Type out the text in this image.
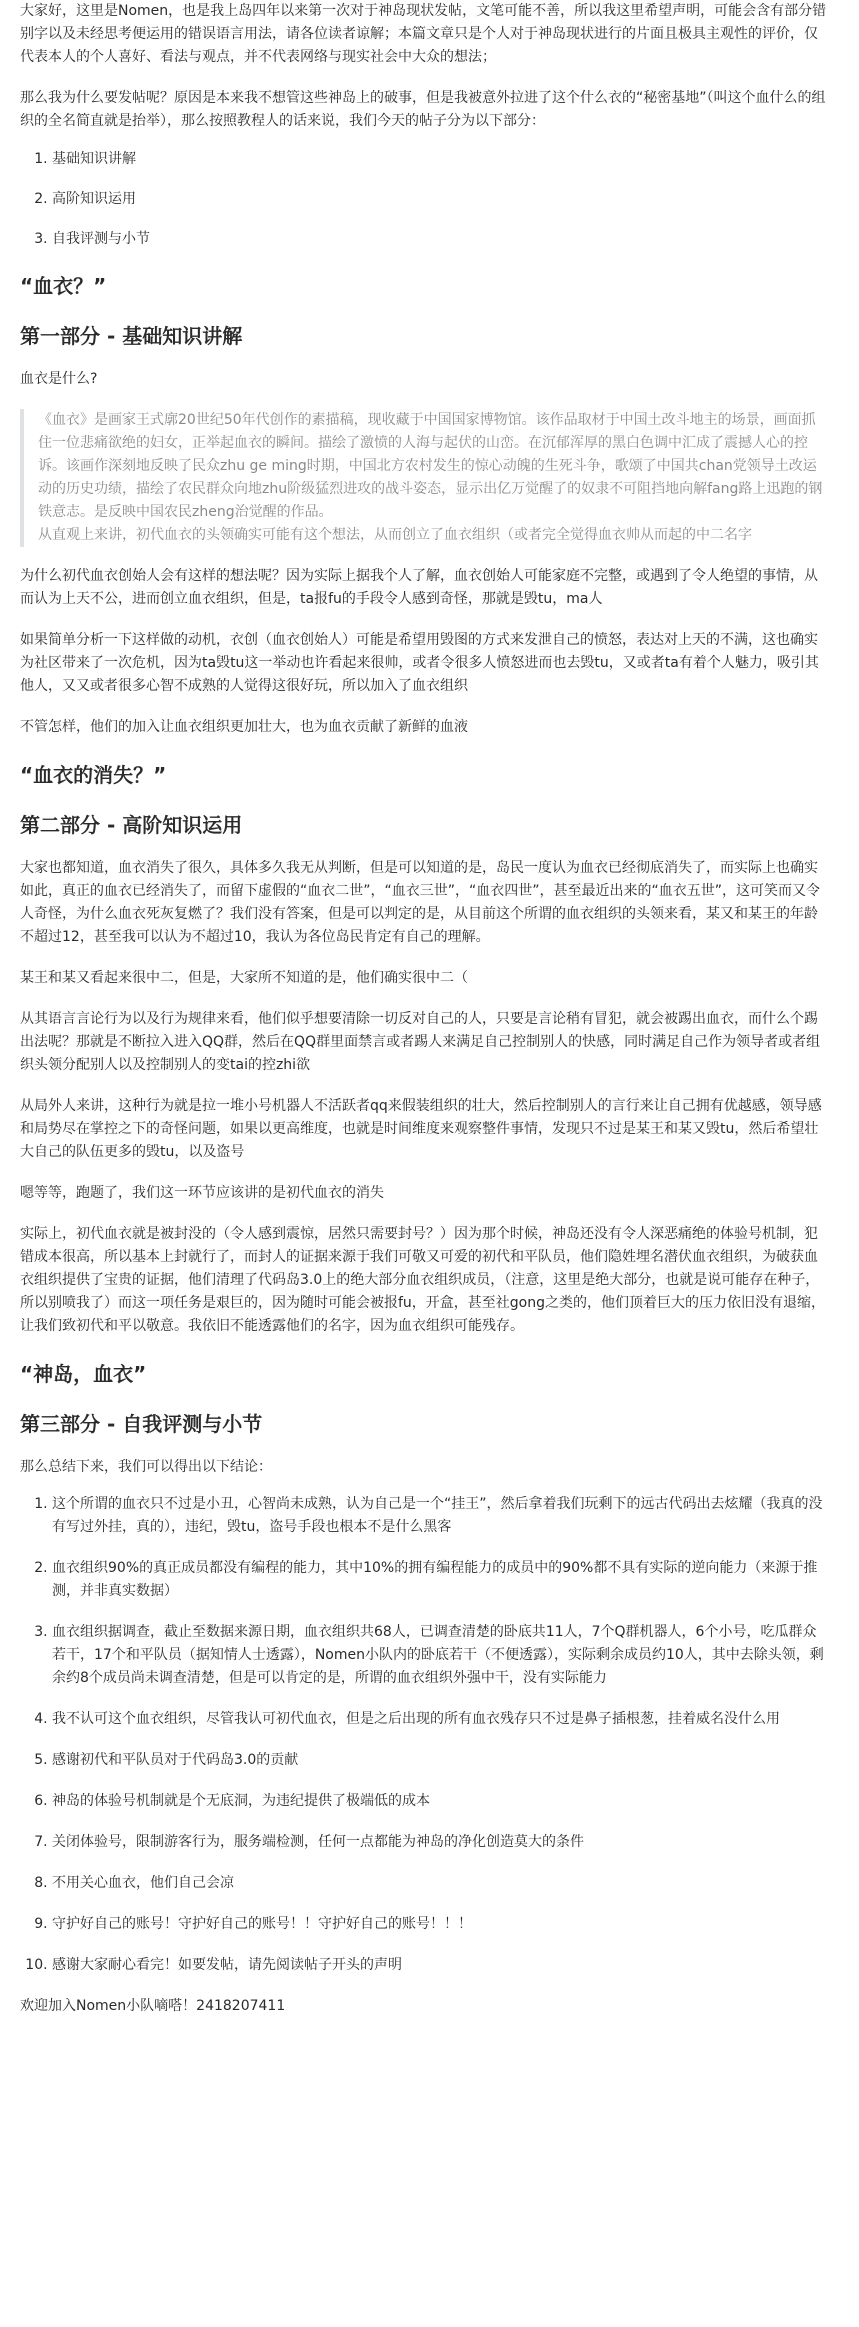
大家好，这里是Nomen，也是我上岛四年以来第一次对于神岛现状发帖，文笔可能不善，所以我这里希望声明，可能会含有部分错别字以及未经思考便运用的错误语言用法，请各位读者谅解；本篇文章只是个人对于神岛现状进行的片面且极具主观性的评价，仅代表本人的个人喜好、看法与观点，并不代表网络与现实社会中大众的想法；

那么我为什么要发帖呢？原因是本来我不想管这些神岛上的破事，但是我被意外拉进了这个什么衣的“秘密基地”（叫这个血什么的组织的全名简直就是抬举），那么按照教程人的话来说，我们今天的帖子分为以下部分：

1. 基础知识讲解
2. 高阶知识运用
3. 自我评测与小节
“血衣？”
第一部分 - 基础知识讲解

血衣是什么?

《血衣》是画家王式廓20世纪50年代创作的素描稿，现收藏于中国国家博物馆。该作品取材于中国土改斗地主的场景，画面抓住一位悲痛欲绝的妇女，正举起血衣的瞬间。描绘了激愤的人海与起伏的山峦。在沉郁浑厚的黑白色调中汇成了震撼人心的控诉。该画作深刻地反映了民众zhu ge ming时期，中国北方农村发生的惊心动魄的生死斗争，歌颂了中国共chan党领导土改运动的历史功绩，描绘了农民群众向地zhu阶级猛烈进攻的战斗姿态，显示出亿万觉醒了的奴隶不可阻挡地向解fang路上迅跑的钢铁意志。是反映中国农民zheng治觉醒的作品。

从直观上来讲，初代血衣的头领确实可能有这个想法，从而创立了血衣组织（或者完全觉得血衣帅从而起的中二名字

为什么初代血衣创始人会有这样的想法呢？因为实际上据我个人了解，血衣创始人可能家庭不完整，或遇到了令人绝望的事情，从而认为上天不公，进而创立血衣组织，但是，ta报fu的手段令人感到奇怪，那就是毁tu，ma人

如果简单分析一下这样做的动机，衣创（血衣创始人）可能是希望用毁图的方式来发泄自己的愤怒，表达对上天的不满，这也确实为社区带来了一次危机，因为ta毁tu这一举动也许看起来很帅，或者令很多人愤怒进而也去毁tu，又或者ta有着个人魅力，吸引其他人，又又或者很多心智不成熟的人觉得这很好玩，所以加入了血衣组织

不管怎样，他们的加入让血衣组织更加壮大，也为血衣贡献了新鲜的血液

“血衣的消失？”
第二部分 - 高阶知识运用

大家也都知道，血衣消失了很久，具体多久我无从判断，但是可以知道的是，岛民一度认为血衣已经彻底消失了，而实际上也确实如此，真正的血衣已经消失了，而留下虚假的“血衣二世”，“血衣三世”，“血衣四世”，甚至最近出来的“血衣五世”，这可笑而又令人奇怪，为什么血衣死灰复燃了？我们没有答案，但是可以判定的是，从目前这个所谓的血衣组织的头领来看，某又和某王的年龄不超过12，甚至我可以认为不超过10，我认为各位岛民肯定有自己的理解。

某王和某又看起来很中二，但是，大家所不知道的是，他们确实很中二（

从其语言言论行为以及行为规律来看，他们似乎想要清除一切反对自己的人，只要是言论稍有冒犯，就会被踢出血衣，而什么个踢出法呢？那就是不断拉入进入QQ群，然后在QQ群里面禁言或者踢人来满足自己控制别人的快感，同时满足自己作为领导者或者组织头领分配别人以及控制别人的变tai的控zhi欲

从局外人来讲，这种行为就是拉一堆小号机器人不活跃者qq来假装组织的壮大，然后控制别人的言行来让自己拥有优越感，领导感和局势尽在掌控之下的奇怪问题，如果以更高维度，也就是时间维度来观察整件事情，发现只不过是某王和某又毁tu，然后希望壮大自己的队伍更多的毁tu，以及盗号

嗯等等，跑题了，我们这一环节应该讲的是初代血衣的消失

实际上，初代血衣就是被封没的（令人感到震惊，居然只需要封号？）因为那个时候，神岛还没有令人深恶痛绝的体验号机制，犯错成本很高，所以基本上封就行了，而封人的证据来源于我们可敬又可爱的初代和平队员，他们隐姓埋名潜伏血衣组织，为破获血衣组织提供了宝贵的证据，他们清理了代码岛3.0上的绝大部分血衣组织成员，（注意，这里是绝大部分，也就是说可能存在种子，所以别喷我了）而这一项任务是艰巨的，因为随时可能会被报fu，开盒，甚至社gong之类的，他们顶着巨大的压力依旧没有退缩，让我们致初代和平以敬意。我依旧不能透露他们的名字，因为血衣组织可能残存。

“神岛，血衣”
第三部分 - 自我评测与小节

那么总结下来，我们可以得出以下结论：

1. 这个所谓的血衣只不过是小丑，心智尚未成熟，认为自己是一个“挂王”，然后拿着我们玩剩下的远古代码出去炫耀（我真的没有写过外挂，真的），违纪，毁tu，盗号手段也根本不是什么黑客
2. 血衣组织90%的真正成员都没有编程的能力，其中10%的拥有编程能力的成员中的90%都不具有实际的逆向能力（来源于推测，并非真实数据）
3. 血衣组织据调查，截止至数据来源日期，血衣组织共68人，已调查清楚的卧底共11人，7个Q群机器人，6个小号，吃瓜群众若干，17个和平队员（据知情人士透露），Nomen小队内的卧底若干（不便透露），实际剩余成员约10人，其中去除头领，剩余约8个成员尚未调查清楚，但是可以肯定的是，所谓的血衣组织外强中干，没有实际能力
4. 我不认可这个血衣组织，尽管我认可初代血衣，但是之后出现的所有血衣残存只不过是鼻子插根葱，挂着威名没什么用
5. 感谢初代和平队员对于代码岛3.0的贡献
6. 神岛的体验号机制就是个无底洞，为违纪提供了极端低的成本
7. 关闭体验号，限制游客行为，服务端检测，任何一点都能为神岛的净化创造莫大的条件
8. 不用关心血衣，他们自己会凉
9. 守护好自己的账号！守护好自己的账号！！守护好自己的账号！！！
10. 感谢大家耐心看完！如要发帖，请先阅读帖子开头的声明

欢迎加入Nomen小队嘀嗒！2418207411
